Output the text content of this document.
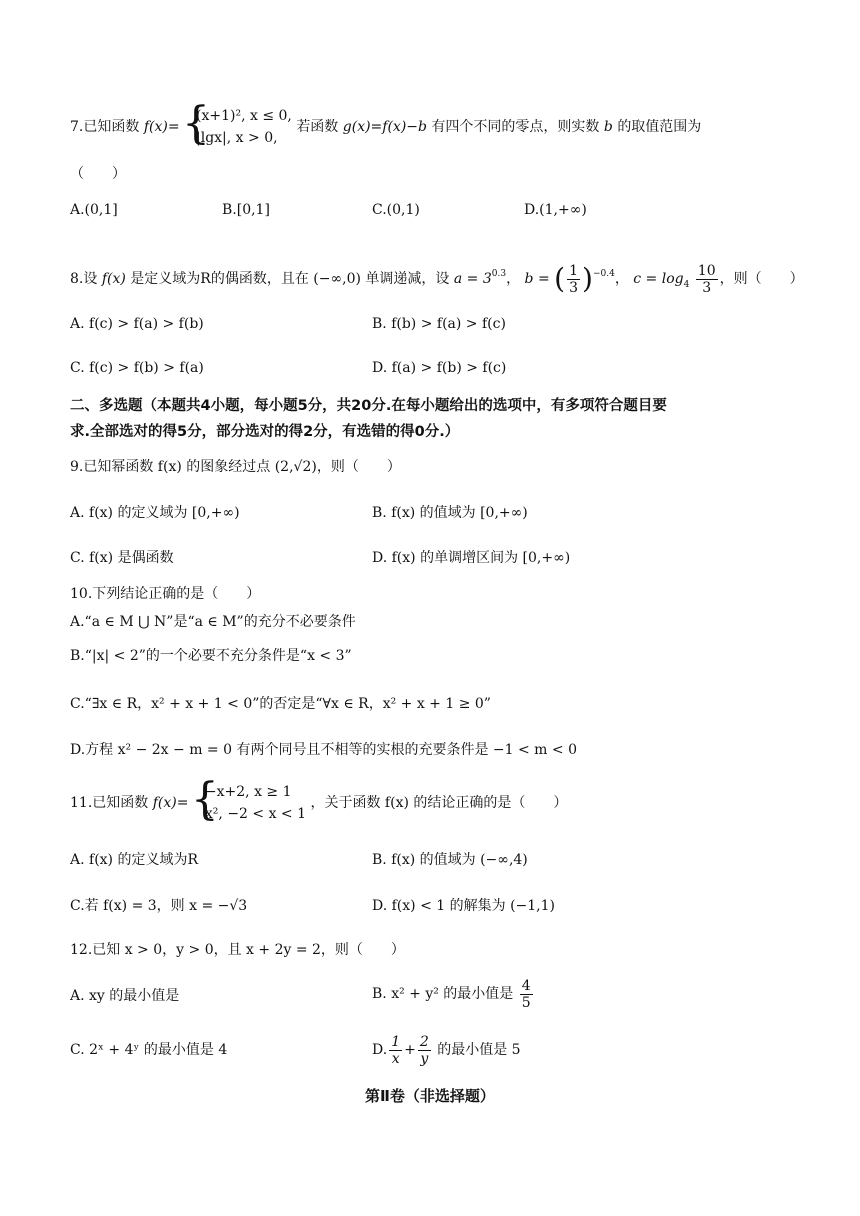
7.已知函数 f(x)=
{ (x+1)², x ≤ 0,
|lgx|, x > 0,
若函数 g(x)=f(x)−b 有四个不同的零点，则实数 b 的取值范围为
（　　）
A.(0,1]	B.[0,1]	C.(0,1)	D.(1,+∞)
8.设 f(x) 是定义域为R的偶函数，且在 (−∞,0) 单调递减，设 $a = 3^{0.3}$， b = ( $\frac{1}{3} )^{-0.4}$， $c = \log_4 \frac{10}{3}$ ，则（　　）
A. f(c) > f(a) > f(b)	B. f(b) > f(a) > f(c)
C. f(c) > f(b) > f(a)	D. f(a) > f(b) > f(c)
二、多选题（本题共4小题，每小题5分，共20分.在每小题给出的选项中，有多项符合题目要
求.全部选对的得5分，部分选对的得2分，有选错的得0分.）
9.已知幂函数 f(x) 的图象经过点 (2,√2)，则（　　）
A. f(x) 的定义域为 [0,+∞)	B. f(x) 的值域为 [0,+∞)
C. f(x) 是偶函数	D. f(x) 的单调增区间为 [0,+∞)
10.下列结论正确的是（　　）
A.“a ∈ M ⋃ N”是“a ∈ M”的充分不必要条件
B.“|x| < 2”的一个必要不充分条件是“x < 3”
C.“∃x ∈ R，x² + x + 1 < 0”的否定是“∀x ∈ R，x² + x + 1 ≥ 0”
D.方程 x² − 2x − m = 0 有两个同号且不相等的实根的充要条件是 −1 < m < 0
11.已知函数 f(x)=
{ −x+2, x ≥ 1
x², −2 < x < 1
，关于函数 f(x) 的结论正确的是（　　）
A. f(x) 的定义域为R	B. f(x) 的值域为 (−∞,4)
C.若 f(x) = 3，则 x = −√3	D. f(x) < 1 的解集为 (−1,1)
12.已知 x > 0，y > 0，且 x + 2y = 2，则（　　）
A. xy 的最小值是	B. x² + y² 的最小值是 $\frac{4}{5}$
C. 2ˣ + 4ʸ 的最小值是 4	D. $\frac{1}{x} + \frac{2}{y}$ 的最小值是 5
第Ⅱ卷（非选择题）
